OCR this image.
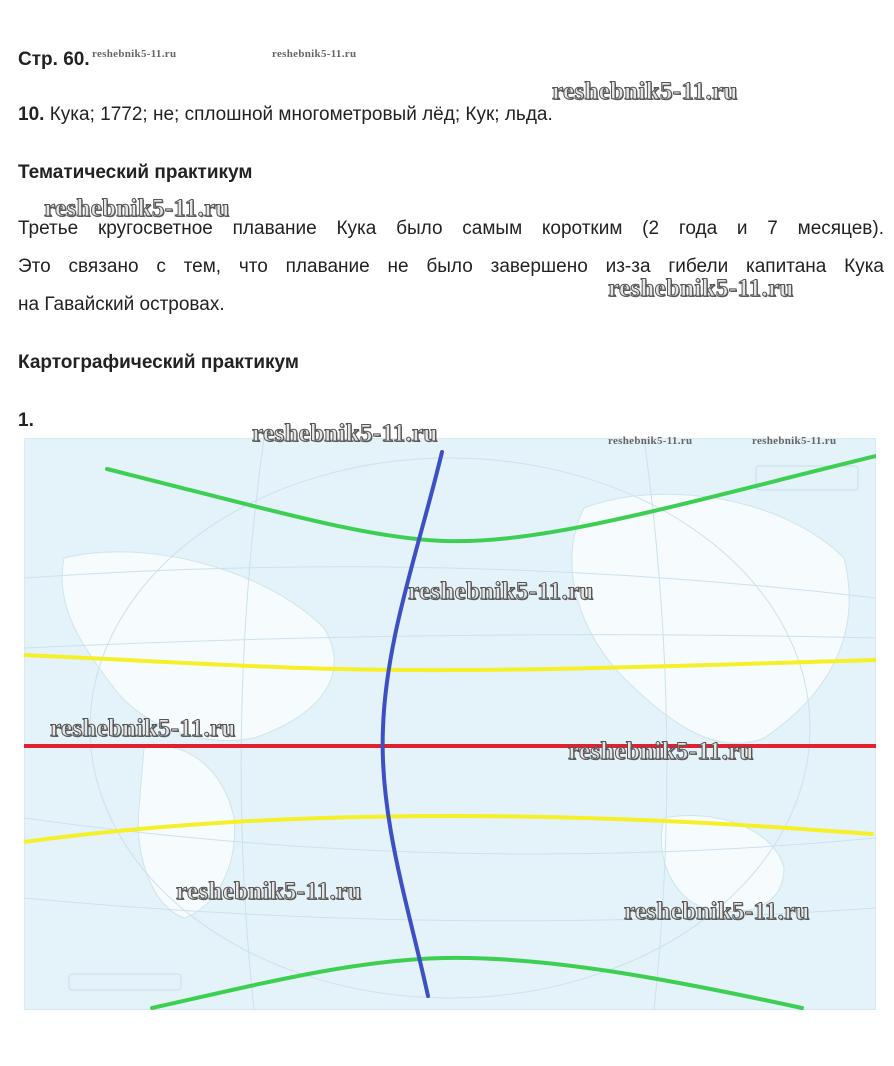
Стр. 60.
10. Кука; 1772; не; сплошной многометровый лёд; Кук; льда.
Тематический практикум
Третье кругосветное плавание Кука было самым коротким (2 года и 7 месяцев).
Это связано с тем, что плавание не было завершено из-за гибели капитана Кука
на Гавайский островах.
Картографический практикум
1.
reshebnik5-11.ru	reshebnik5-11.ru
reshebnik5-11.ru
reshebnik5-11.ru
reshebnik5-11.ru
reshebnik5-11.ru	reshebnik5-11.ru	reshebnik5-11.ru
reshebnik5-11.ru
reshebnik5-11.ru
reshebnik5-11.ru
reshebnik5-11.ru
reshebnik5-11.ru
